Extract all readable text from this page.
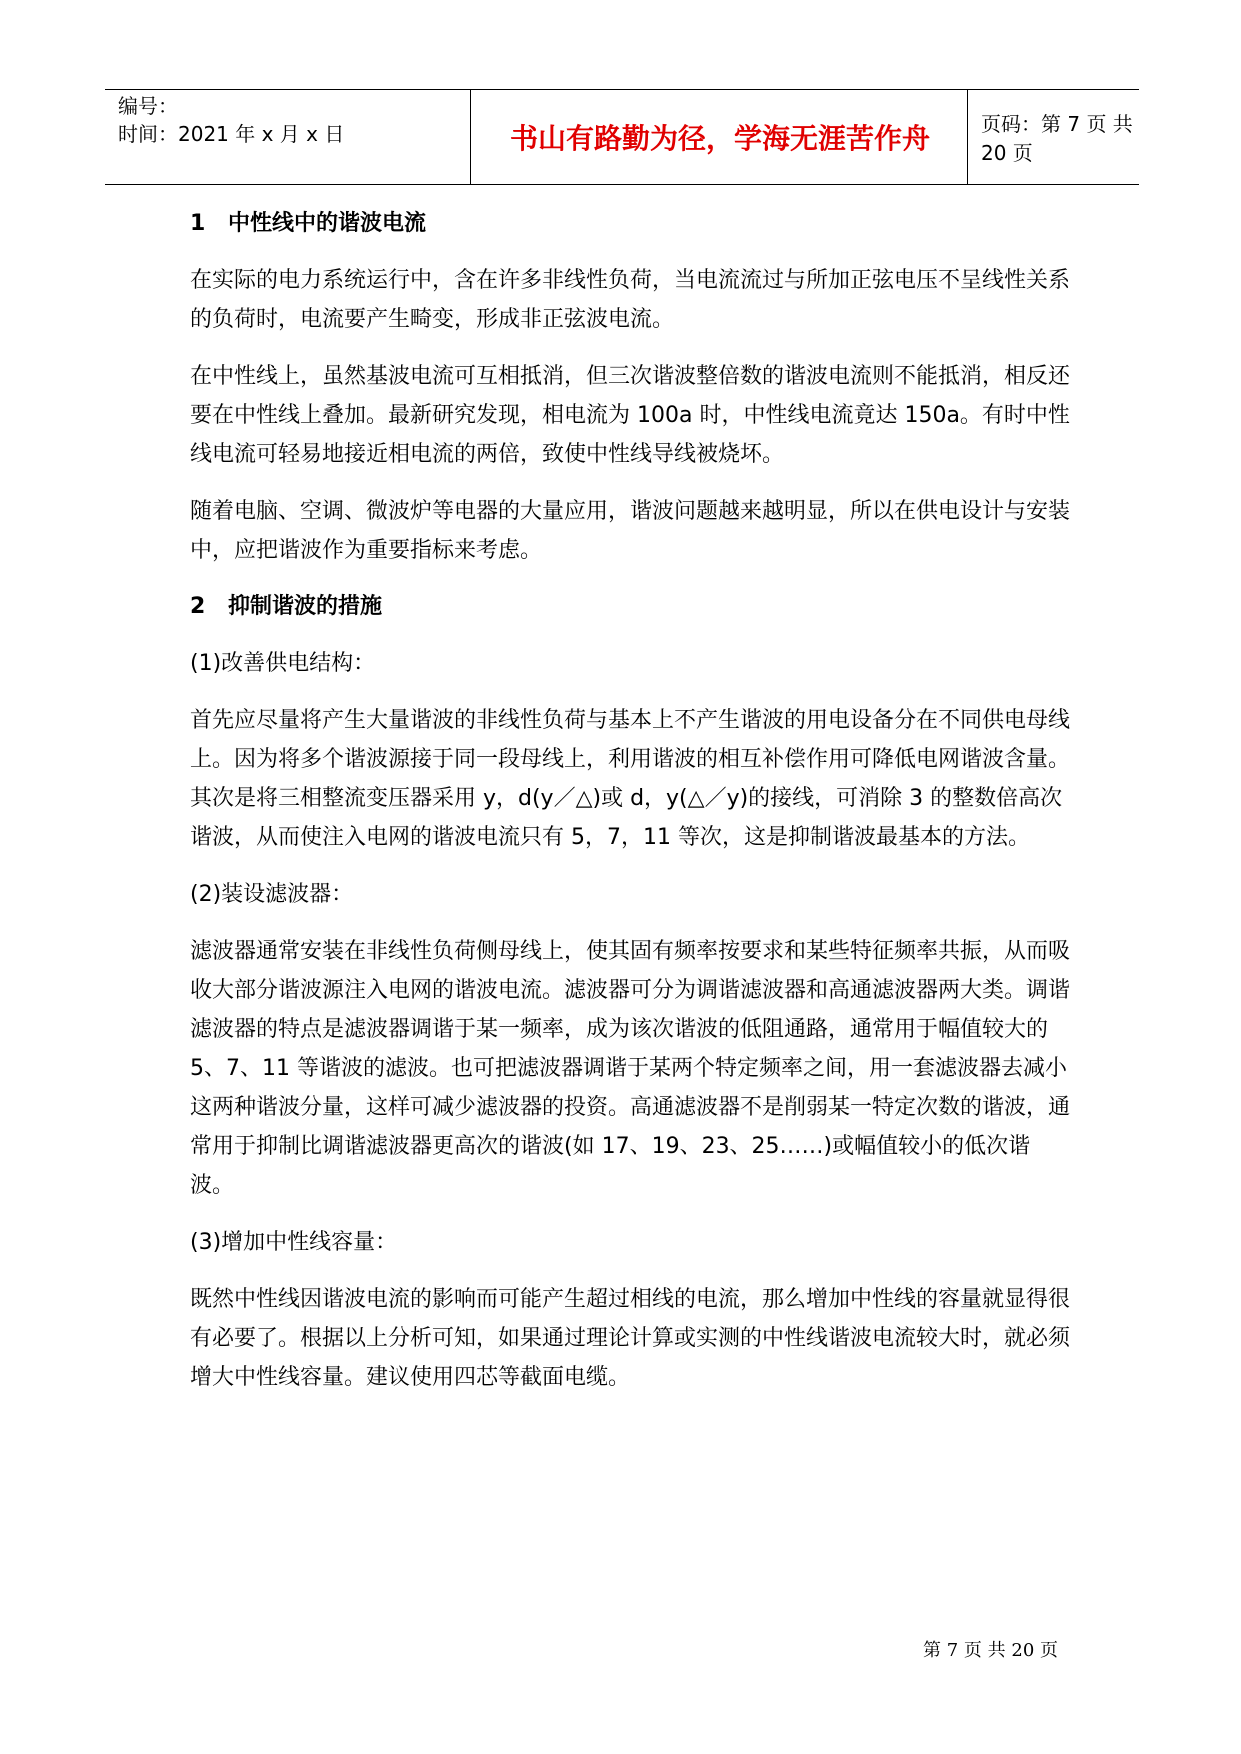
编号：
时间：2021 年 x 月 x 日	书山有路勤为径，学海无涯苦作舟	页码：第 7 页 共 20 页
1 中性线中的谐波电流
在实际的电力系统运行中，含在许多非线性负荷，当电流流过与所加正弦电压不呈线性关系的负荷时，电流要产生畸变，形成非正弦波电流。
在中性线上，虽然基波电流可互相抵消，但三次谐波整倍数的谐波电流则不能抵消，相反还要在中性线上叠加。最新研究发现，相电流为 100a 时，中性线电流竟达 150a。有时中性线电流可轻易地接近相电流的两倍，致使中性线导线被烧坏。
随着电脑、空调、微波炉等电器的大量应用，谐波问题越来越明显，所以在供电设计与安装中，应把谐波作为重要指标来考虑。
2 抑制谐波的措施
(1)改善供电结构：
首先应尽量将产生大量谐波的非线性负荷与基本上不产生谐波的用电设备分在不同供电母线上。因为将多个谐波源接于同一段母线上，利用谐波的相互补偿作用可降低电网谐波含量。其次是将三相整流变压器采用 y，d(y／△)或 d，y(△／y)的接线，可消除 3 的整数倍高次谐波，从而使注入电网的谐波电流只有 5，7，11 等次，这是抑制谐波最基本的方法。
(2)装设滤波器：
滤波器通常安装在非线性负荷侧母线上，使其固有频率按要求和某些特征频率共振，从而吸收大部分谐波源注入电网的谐波电流。滤波器可分为调谐滤波器和高通滤波器两大类。调谐滤波器的特点是滤波器调谐于某一频率，成为该次谐波的低阻通路，通常用于幅值较大的 5、7、11 等谐波的滤波。也可把滤波器调谐于某两个特定频率之间，用一套滤波器去减小这两种谐波分量，这样可减少滤波器的投资。高通滤波器不是削弱某一特定次数的谐波，通常用于抑制比调谐滤波器更高次的谐波(如 17、19、23、25……)或幅值较小的低次谐波。
(3)增加中性线容量：
既然中性线因谐波电流的影响而可能产生超过相线的电流，那么增加中性线的容量就显得很有必要了。根据以上分析可知，如果通过理论计算或实测的中性线谐波电流较大时，就必须增大中性线容量。建议使用四芯等截面电缆。
第 7 页 共 20 页
